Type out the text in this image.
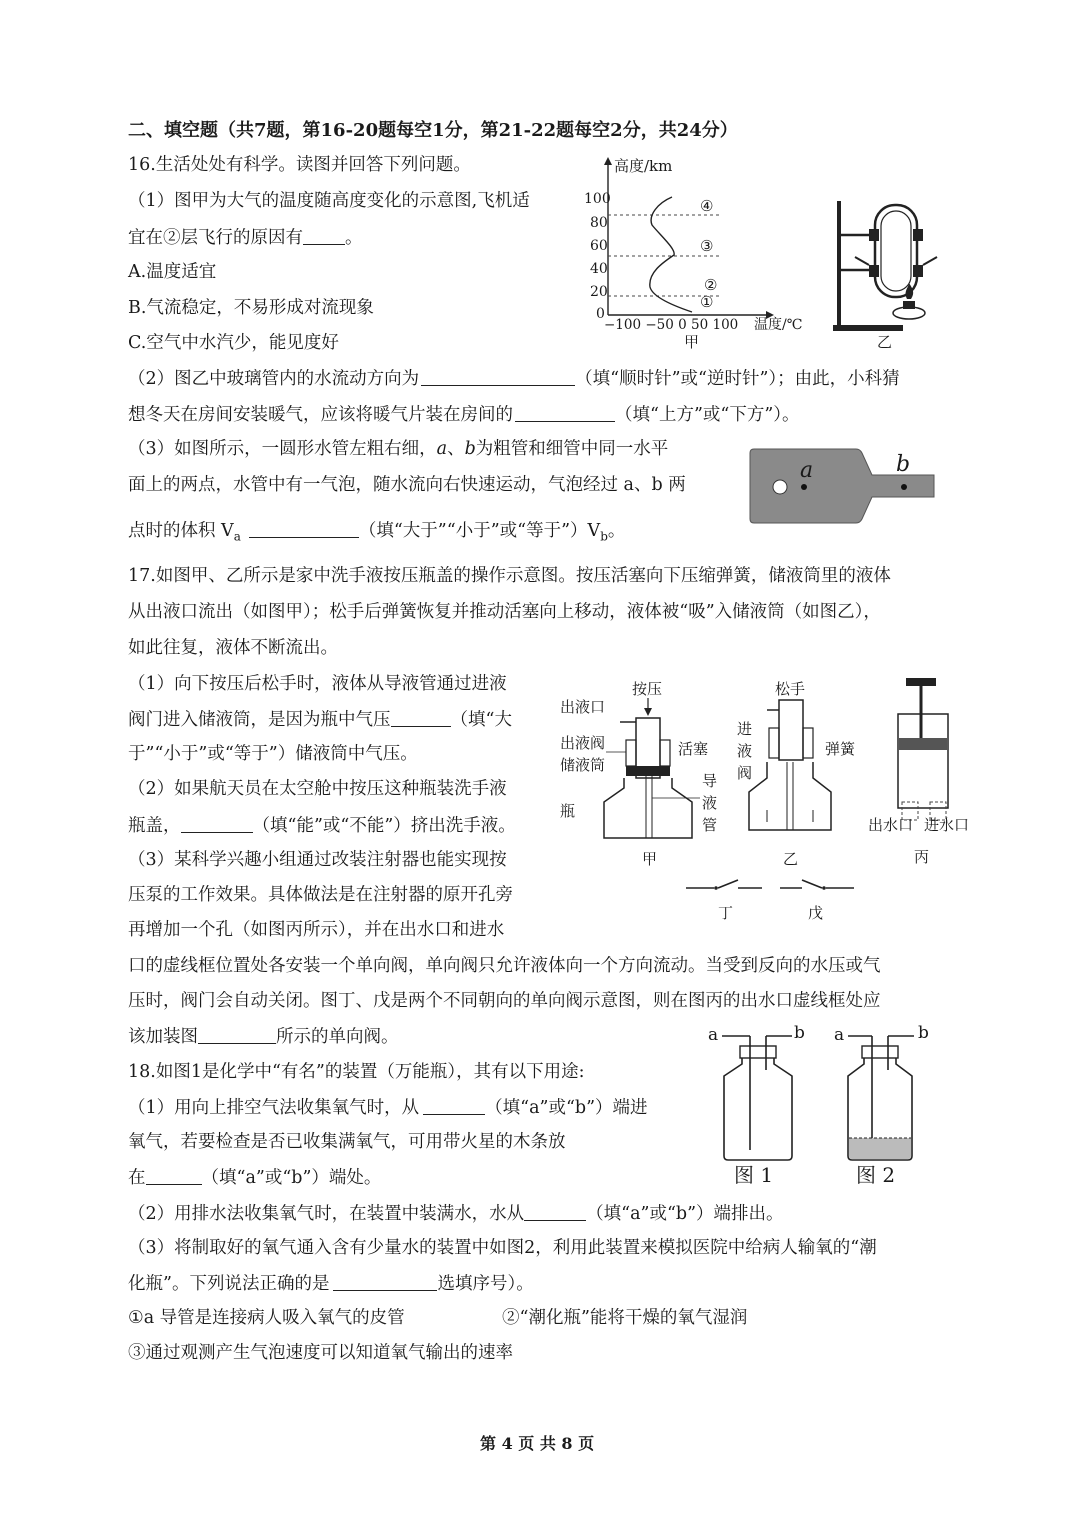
二、填空题（共7题，第16-20题每空1分，第21-22题每空2分，共24分）
16.生活处处有科学。读图并回答下列问题。
（1）图甲为大气的温度随高度变化的示意图,飞机适
宜在②层飞行的原因有 。
A.温度适宜
B.气流稳定，不易形成对流现象
C.空气中水汽少，能见度好
高度/km
100
80
60
40
20
0
①
②
③
④
−100 −50 0 50 100 温度/℃
甲	乙
（2）图乙中玻璃管内的水流动方向为	（填“顺时针”或“逆时针”）；由此，小科猜
想冬天在房间安装暖气，应该将暖气片装在房间的	（填“上方”或“下方”）。
（3）如图所示，一圆形水管左粗右细，a、b为粗管和细管中同一水平
面上的两点，水管中有一气泡，随水流向右快速运动，气泡经过 a、b 两
点时的体积 $V_a$	（填“大于”“小于”或“等于$”)V_b$。
a	b
17.如图甲、乙所示是家中洗手液按压瓶盖的操作示意图。按压活塞向下压缩弹簧，储液筒里的液体
从出液口流出（如图甲）；松手后弹簧恢复并推动活塞向上移动，液体被“吸”入储液筒（如图乙），
如此往复，液体不断流出。
（1）向下按压后松手时，液体从导液管通过进液
阀门进入储液筒，是因为瓶中气压	（填“大
于”“小于”或“等于”）储液筒中气压。
（2）如果航天员在太空舱中按压这种瓶装洗手液
瓶盖，	（填“能”或“不能”）挤出洗手液。
（3）某科学兴趣小组通过改装注射器也能实现按
压泵的工作效果。具体做法是在注射器的原开孔旁
再增加一个孔（如图丙所示），并在出水口和进水
口的虚线框位置处各安装一个单向阀，单向阀只允许液体向一个方向流动。当受到反向的水压或气
压时，阀门会自动关闭。图丁、戊是两个不同朝向的单向阀示意图，则在图丙的出水口虚线框处应
该加装图	所示的单向阀。
按压
出液口
出液阀
储液筒
瓶
活塞
导
液
管
甲
松手
进
液
阀
弹簧
乙
出水口 进水口
丙
丁	戊
18.如图1是化学中“有名”的装置（万能瓶），其有以下用途:
（1）用向上排空气法收集氧气时，从	（填“a”或“b”）端进
氧气，若要检查是否已收集满氧气，可用带火星的木条放
在	（填“a”或“b”）端处。
（2）用排水法收集氧气时，在装置中装满水，水从	（填“a”或“b”）端排出。
（3）将制取好的氧气通入含有少量水的装置中如图2，利用此装置来模拟医院中给病人输氧的“潮
化瓶”。下列说法正确的是	选填序号）。
①a 导管是连接病人吸入氧气的皮管	②“潮化瓶”能将干燥的氧气湿润
③通过观测产生气泡速度可以知道氧气输出的速率
a	b
图 1
a	b
图 2
第 4 页 共 8 页
